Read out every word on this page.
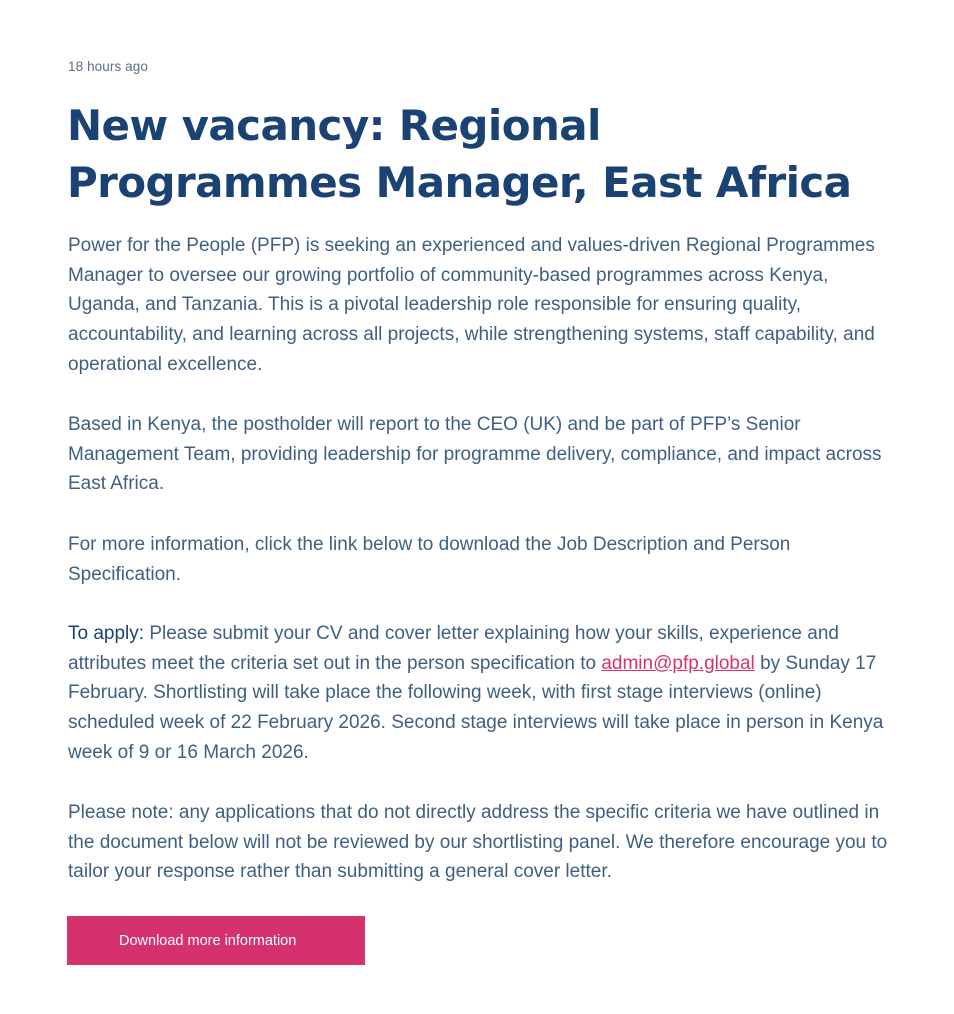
18 hours ago
New vacancy: Regional Programmes Manager, East Africa

Power for the People (PFP) is seeking an experienced and values-driven Regional Programmes Manager to oversee our growing portfolio of community-based programmes across Kenya, Uganda, and Tanzania. This is a pivotal leadership role responsible for ensuring quality, accountability, and learning across all projects, while strengthening systems, staff capability, and operational excellence.

Based in Kenya, the postholder will report to the CEO (UK) and be part of PFP’s Senior Management Team, providing leadership for programme delivery, compliance, and impact across East Africa.

For more information, click the link below to download the Job Description and Person Specification.

To apply: Please submit your CV and cover letter explaining how your skills, experience and attributes meet the criteria set out in the person specification to admin@pfp.global by Sunday 17 February. Shortlisting will take place the following week, with first stage interviews (online) scheduled week of 22 February 2026. Second stage interviews will take place in person in Kenya week of 9 or 16 March 2026.

Please note: any applications that do not directly address the specific criteria we have outlined in the document below will not be reviewed by our shortlisting panel. We therefore encourage you to tailor your response rather than submitting a general cover letter.

Download more information
